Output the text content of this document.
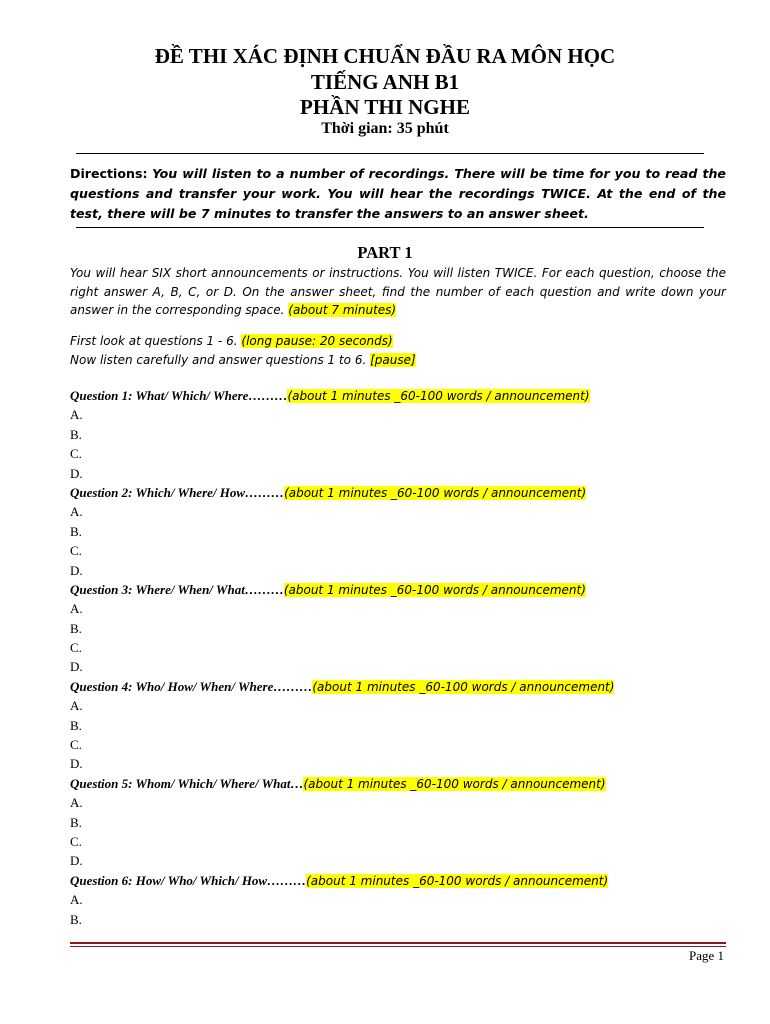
ĐỀ THI XÁC ĐỊNH CHUẨN ĐẦU RA MÔN HỌC
TIẾNG ANH B1
PHẦN THI NGHE
Thời gian: 35 phút
Directions: You will listen to a number of recordings. There will be time for you to read the questions and transfer your work. You will hear the recordings TWICE. At the end of the test, there will be 7 minutes to transfer the answers to an answer sheet.
PART 1
You will hear SIX short announcements or instructions. You will listen TWICE. For each question, choose the right answer A, B, C, or D. On the answer sheet, find the number of each question and write down your answer in the corresponding space. (about 7 minutes)
First look at questions 1 - 6. (long pause: 20 seconds)
Now listen carefully and answer questions 1 to 6. [pause]
Question 1: What/ Which/ Where………(about 1 minutes _60-100 words / announcement)
A.
B.
C.
D.
Question 2: Which/ Where/ How………(about 1 minutes _60-100 words / announcement)
A.
B.
C.
D.
Question 3: Where/ When/ What………(about 1 minutes _60-100 words / announcement)
A.
B.
C.
D.
Question 4: Who/ How/ When/ Where………(about 1 minutes _60-100 words / announcement)
A.
B.
C.
D.
Question 5: Whom/ Which/ Where/ What…(about 1 minutes _60-100 words / announcement)
A.
B.
C.
D.
Question 6: How/ Who/ Which/ How………(about 1 minutes _60-100 words / announcement)
A.
B.
Page 1
